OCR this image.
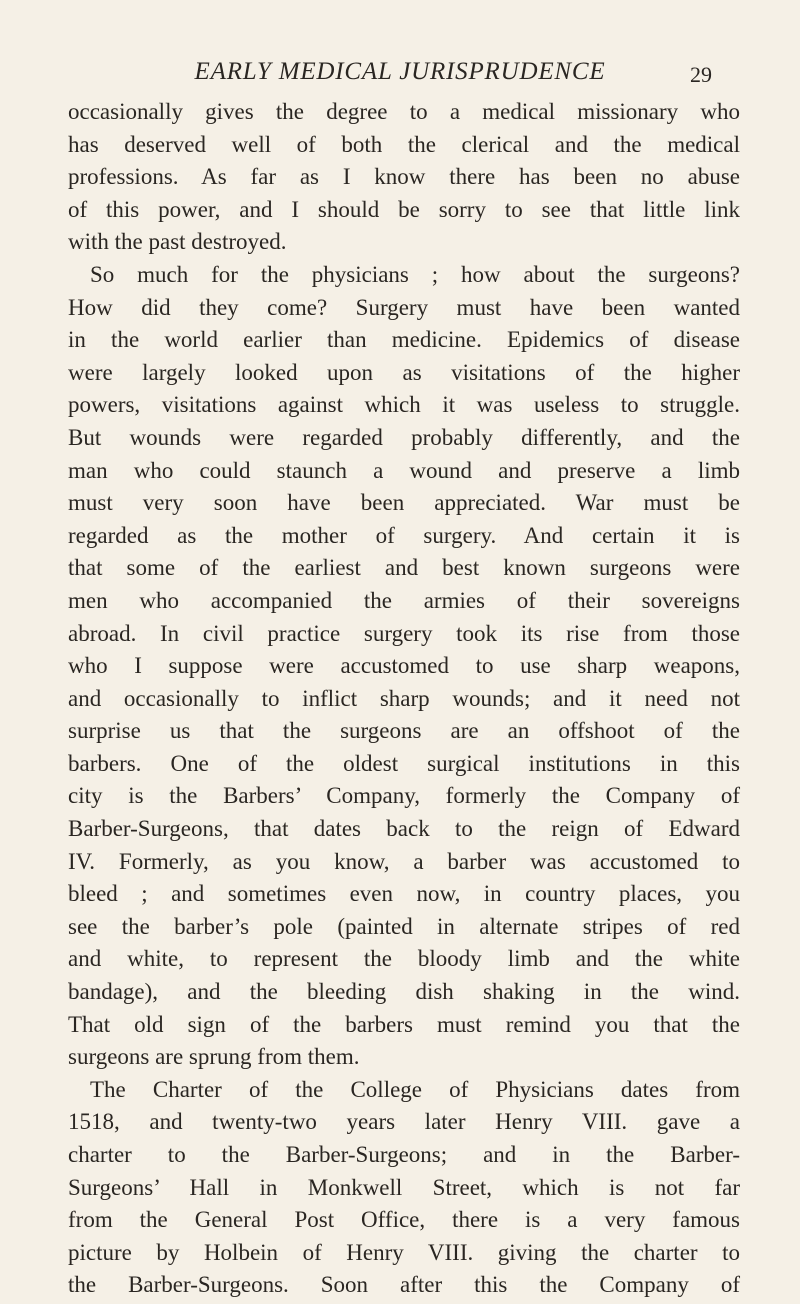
EARLY MEDICAL JURISPRUDENCE	29
occasionally gives the degree to a medical missionary who
has deserved well of both the clerical and the medical
professions. As far as I know there has been no abuse
of this power, and I should be sorry to see that little link
with the past destroyed.
So much for the physicians ; how about the surgeons?
How did they come? Surgery must have been wanted
in the world earlier than medicine. Epidemics of disease
were largely looked upon as visitations of the higher
powers, visitations against which it was useless to struggle.
But wounds were regarded probably differently, and the
man who could staunch a wound and preserve a limb
must very soon have been appreciated. War must be
regarded as the mother of surgery. And certain it is
that some of the earliest and best known surgeons were
men who accompanied the armies of their sovereigns
abroad. In civil practice surgery took its rise from those
who I suppose were accustomed to use sharp weapons,
and occasionally to inflict sharp wounds; and it need not
surprise us that the surgeons are an offshoot of the
barbers. One of the oldest surgical institutions in this
city is the Barbers’ Company, formerly the Company of
Barber-Surgeons, that dates back to the reign of Edward
IV. Formerly, as you know, a barber was accustomed to
bleed ; and sometimes even now, in country places, you
see the barber’s pole (painted in alternate stripes of red
and white, to represent the bloody limb and the white
bandage), and the bleeding dish shaking in the wind.
That old sign of the barbers must remind you that the
surgeons are sprung from them.
The Charter of the College of Physicians dates from
1518, and twenty-two years later Henry VIII. gave a
charter to the Barber-Surgeons; and in the Barber-
Surgeons’ Hall in Monkwell Street, which is not far
from the General Post Office, there is a very famous
picture by Holbein of Henry VIII. giving the charter to
the Barber-Surgeons. Soon after this the Company of
